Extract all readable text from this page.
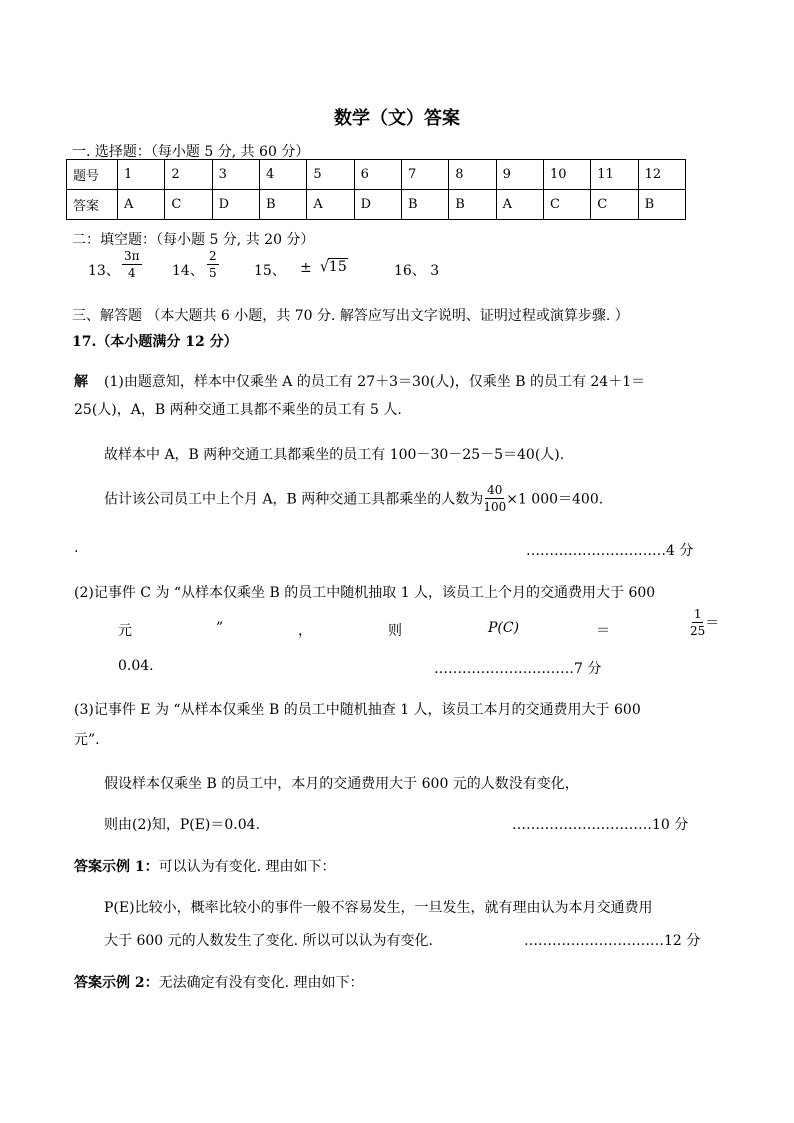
数学（文）答案
一. 选择题：（每小题 5 分, 共 60 分）
题号	1	2	3	4	5	6	7	8	9	10	11	12
答案	A	C	D	B	A	D	B	B	A	C	C	B
二：填空题：（每小题 5 分, 共 20 分）
13、 $\frac{3\pi}{4} 14$、 $\frac{2}{5}$	15、 ± √15	16、 3
三、解答题 （本大题共 6 小题，共 70 分. 解答应写出文字说明、证明过程或演算步骤. ）
17.（本小题满分 12 分）
解 (1)由题意知，样本中仅乘坐 A 的员工有 27＋3＝30(人)，仅乘坐 B 的员工有 24＋1＝
25(人)，A，B 两种交通工具都不乘坐的员工有 5 人.
故样本中 A，B 两种交通工具都乘坐的员工有 100－30－25－5＝40(人).
估计该公司员工中上个月 A，B 两种交通工具都乘坐的人数为 $\frac{40}{100} \times 1$ 000＝400.
.	…………………………4 分
(2)记事件 C 为 “从样本仅乘坐 B 的员工中随机抽取 1 人，该员工上个月的交通费用大于 600
元	”	，	则	P(C)	＝	$\frac{1}{25}$ ＝
0.04.	…………………………7 分
(3)记事件 E 为 “从样本仅乘坐 B 的员工中随机抽查 1 人，该员工本月的交通费用大于 600
元”.
假设样本仅乘坐 B 的员工中，本月的交通费用大于 600 元的人数没有变化，
则由(2)知，P(E)＝0.04.	…………………………10 分
答案示例 1：可以认为有变化. 理由如下：
P(E)比较小，概率比较小的事件一般不容易发生，一旦发生，就有理由认为本月交通费用
大于 600 元的人数发生了变化. 所以可以认为有变化.	…………………………12 分
答案示例 2：无法确定有没有变化. 理由如下：
